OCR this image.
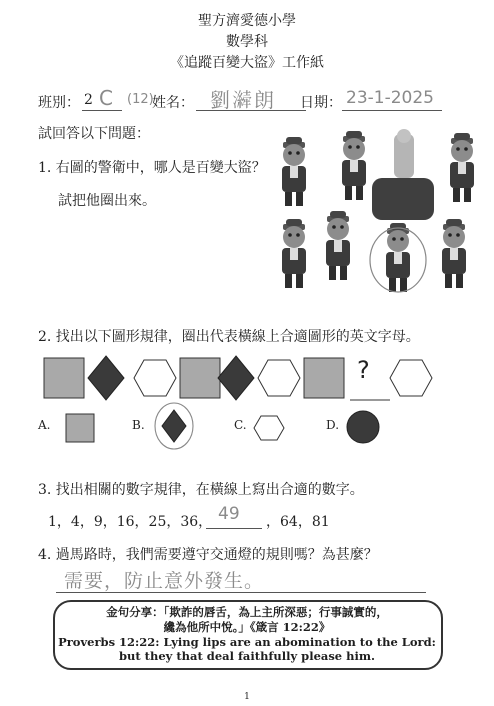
聖方濟愛德小學
數學科
《追蹤百變大盜》工作紙
班別： 2 C (12)
姓名： 劉𤂁朗 日期： 23-1-2025
試回答以下問題：
1. 右圖的警衛中，哪人是百變大盜？
試把他圈出來。
2. 找出以下圖形規律，圈出代表橫線上合適圖形的英文字母。
?
A.	B.	C.	D.
3. 找出相關的數字規律，在橫線上寫出合適的數字。
1，4，9，16，25，36， 49 ，64，81
4. 過馬路時，我們需要遵守交通燈的規則嗎？為甚麼？
需要，防止意外發生。
金句分享：「欺詐的唇舌，為上主所深惡；行事誠實的，
纔為他所中悅。」《箴言 12:22》
Proverbs 12:22: Lying lips are an abomination to the Lord:
but they that deal faithfully please him.
1
